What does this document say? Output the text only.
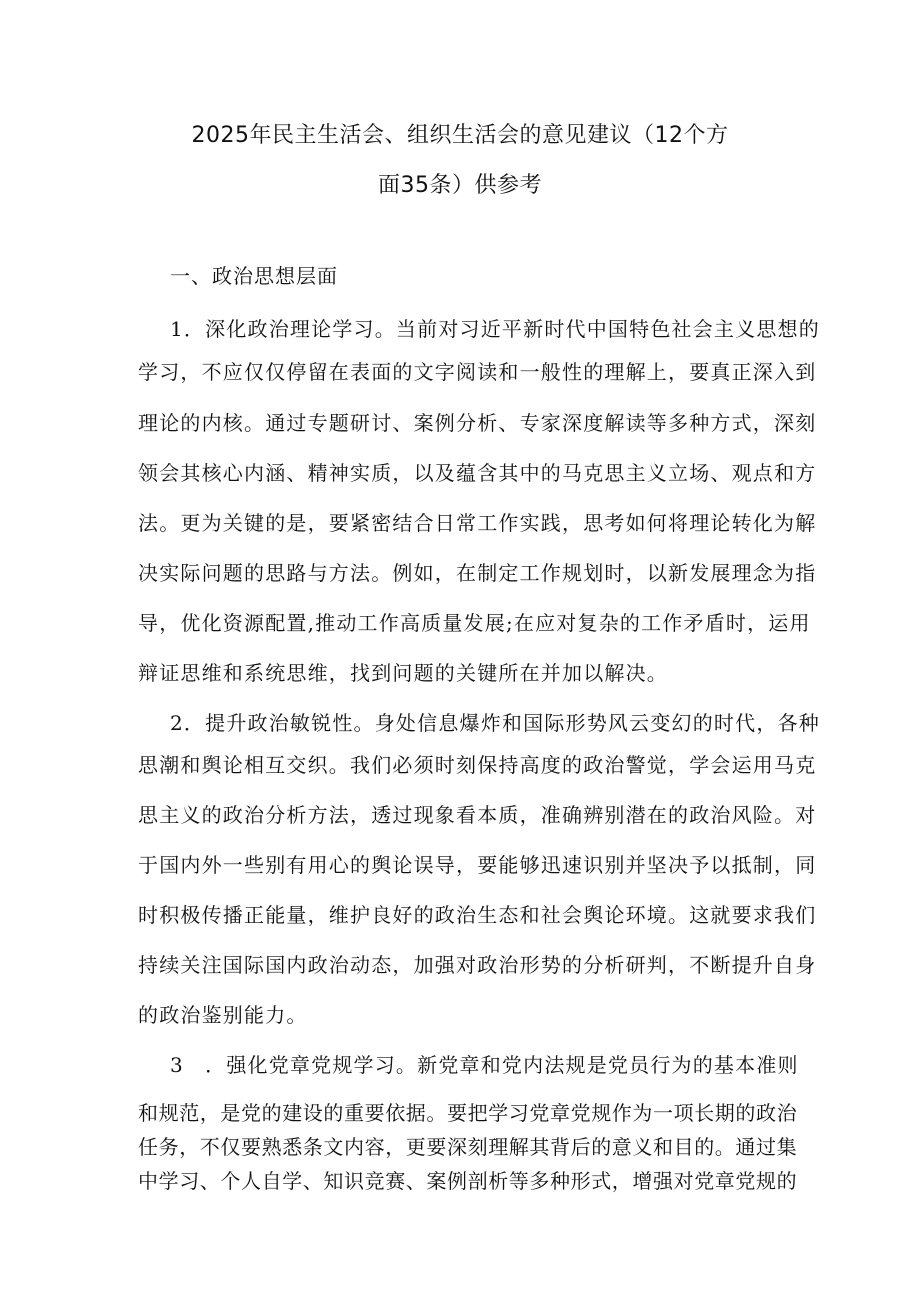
2025年民主生活会、组织生活会的意见建议（12个方
面35条）供参考
一、政治思想层面
1．深化政治理论学习。当前对习近平新时代中国特色社会主义思想的
学习，不应仅仅停留在表面的文字阅读和一般性的理解上，要真正深入到
理论的内核。通过专题研讨、案例分析、专家深度解读等多种方式，深刻
领会其核心内涵、精神实质，以及蕴含其中的马克思主义立场、观点和方
法。更为关键的是，要紧密结合日常工作实践，思考如何将理论转化为解
决实际问题的思路与方法。例如，在制定工作规划时，以新发展理念为指
导，优化资源配置,推动工作高质量发展;在应对复杂的工作矛盾时，运用
辩证思维和系统思维，找到问题的关键所在并加以解决。
2．提升政治敏锐性。身处信息爆炸和国际形势风云变幻的时代，各种
思潮和舆论相互交织。我们必须时刻保持高度的政治警觉，学会运用马克
思主义的政治分析方法，透过现象看本质，准确辨别潜在的政治风险。对
于国内外一些别有用心的舆论误导，要能够迅速识别并坚决予以抵制，同
时积极传播正能量，维护良好的政治生态和社会舆论环境。这就要求我们
持续关注国际国内政治动态，加强对政治形势的分析研判，不断提升自身
的政治鉴别能力。
3　．强化党章党规学习。新党章和党内法规是党员行为的基本准则
和规范，是党的建设的重要依据。要把学习党章党规作为一项长期的政治
任务，不仅要熟悉条文内容，更要深刻理解其背后的意义和目的。通过集
中学习、个人自学、知识竞赛、案例剖析等多种形式，增强对党章党规的
